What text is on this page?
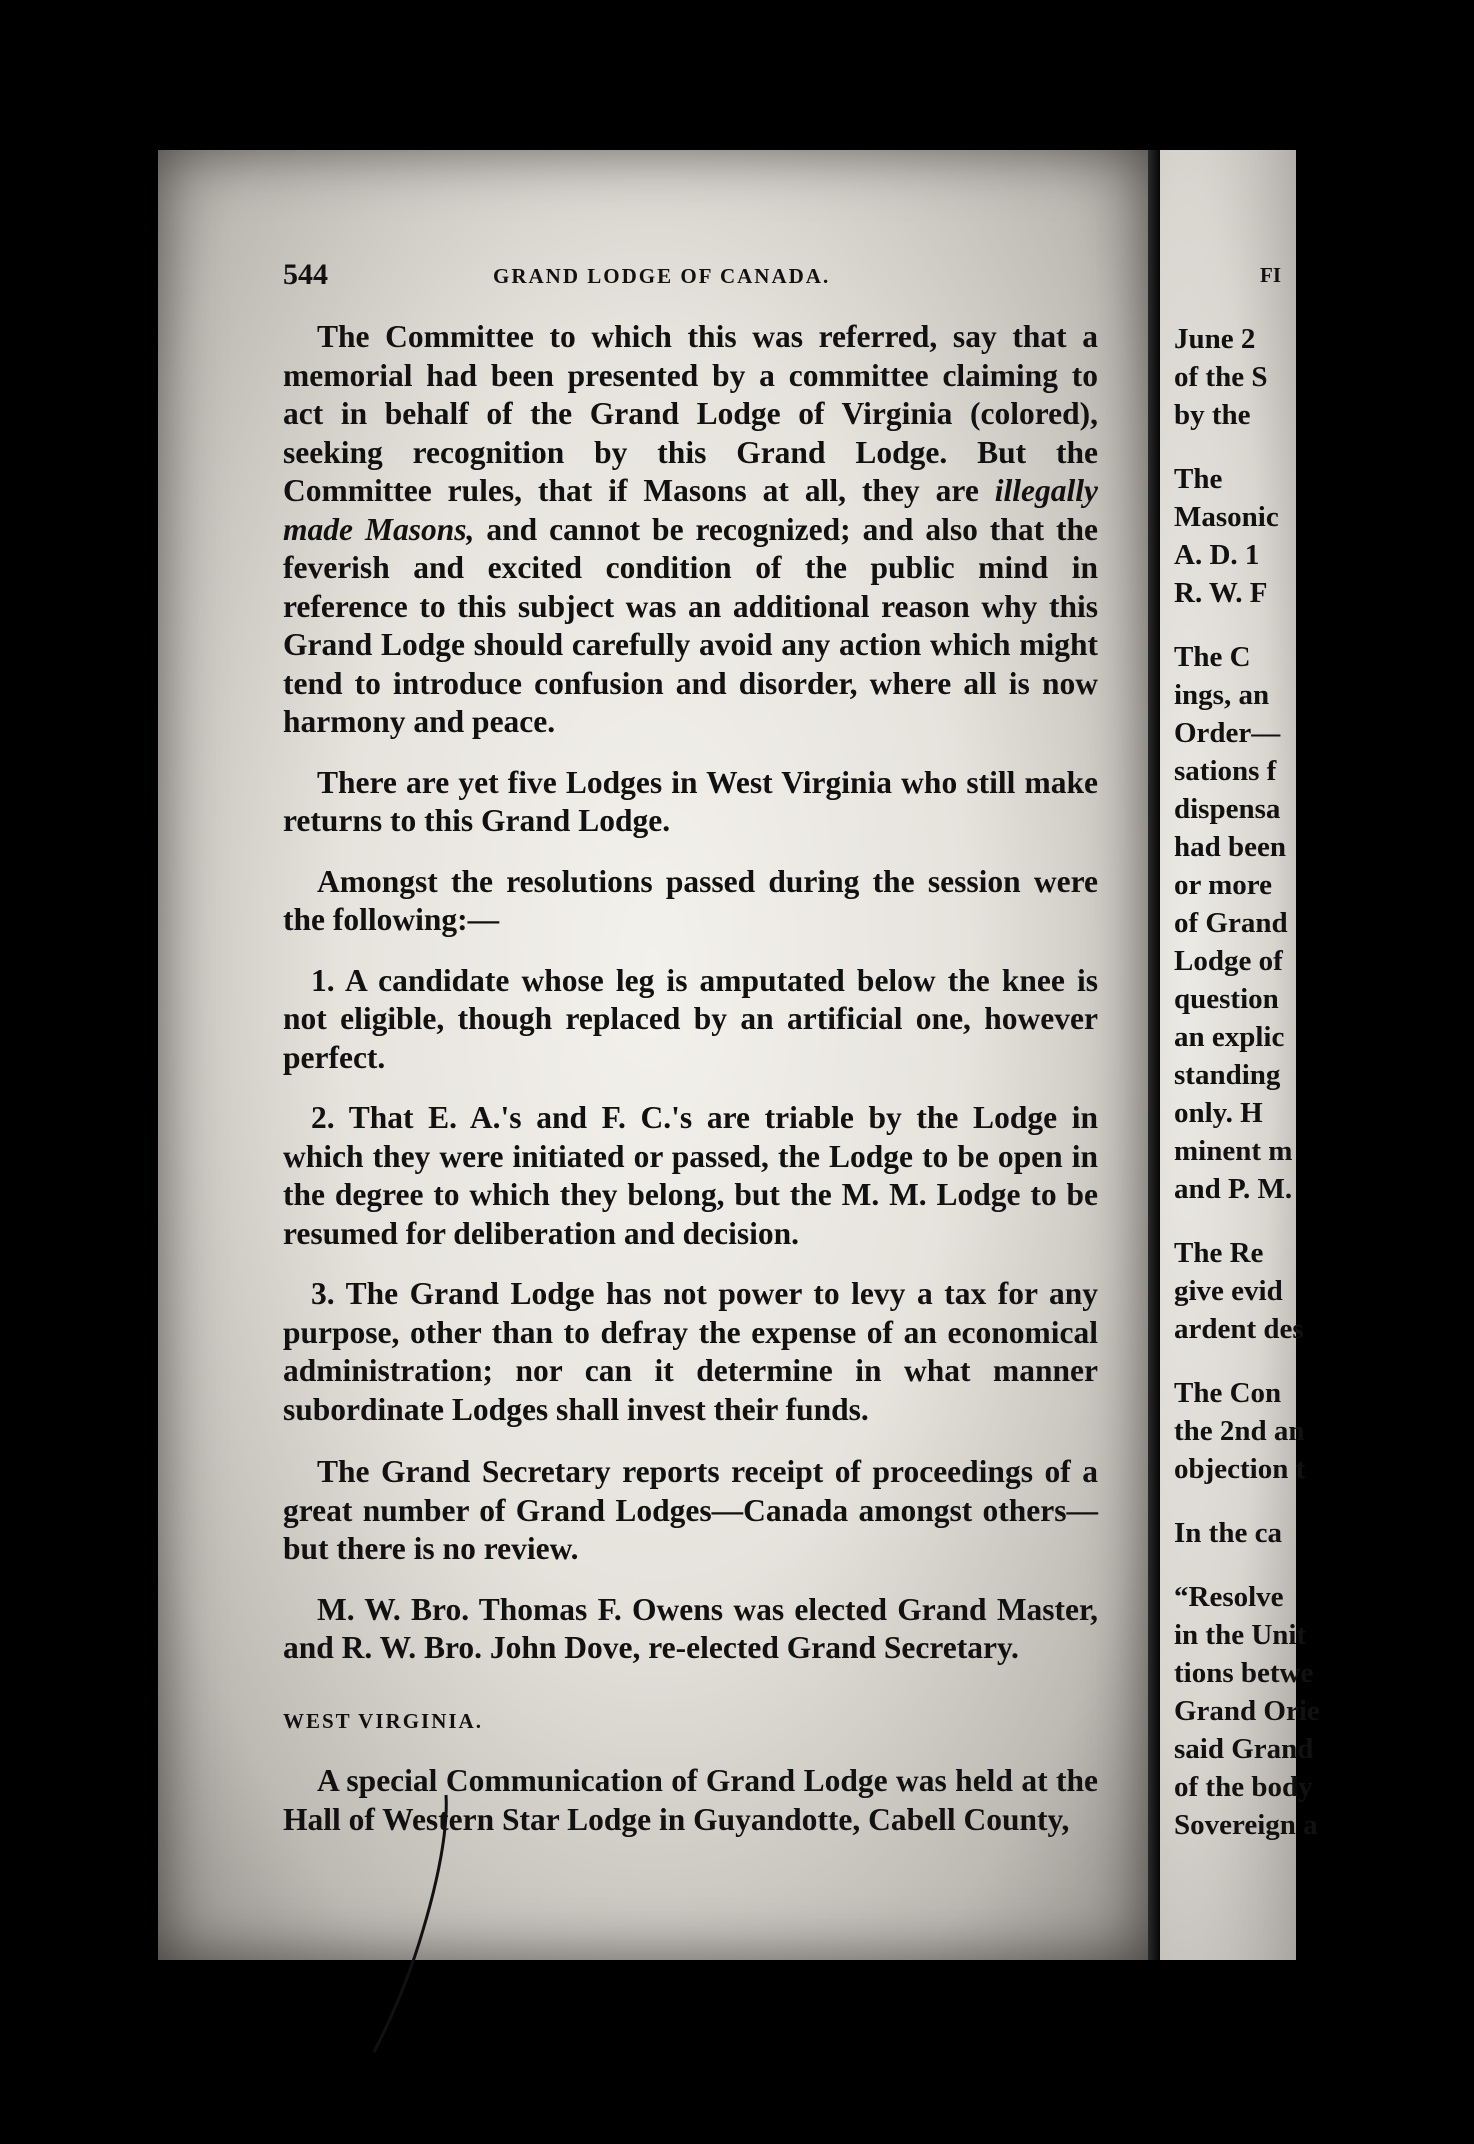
544	GRAND LODGE OF CANADA.

The Committee to which this was referred, say that a memorial had been presented by a committee claiming to act in behalf of the Grand Lodge of Virginia (colored), seeking recognition by this Grand Lodge. But the Committee rules, that if Masons at all, they are illegally made Masons, and cannot be recognized; and also that the feverish and excited condition of the public mind in reference to this subject was an additional reason why this Grand Lodge should carefully avoid any action which might tend to introduce confusion and disorder, where all is now harmony and peace.

There are yet five Lodges in West Virginia who still make returns to this Grand Lodge.

Amongst the resolutions passed during the session were the following:—

1. A candidate whose leg is amputated below the knee is not eligible, though replaced by an artificial one, however perfect.

2. That E. A.'s and F. C.'s are triable by the Lodge in which they were initiated or passed, the Lodge to be open in the degree to which they belong, but the M. M. Lodge to be resumed for deliberation and decision.

3. The Grand Lodge has not power to levy a tax for any purpose, other than to defray the expense of an economical administration; nor can it determine in what manner subordinate Lodges shall invest their funds.

The Grand Secretary reports receipt of proceedings of a great number of Grand Lodges—Canada amongst others—but there is no review.

M. W. Bro. Thomas F. Owens was elected Grand Master, and R. W. Bro. John Dove, re-elected Grand Secretary.

WEST VIRGINIA.

A special Communication of Grand Lodge was held at the Hall of Western Star Lodge in Guyandotte, Cabell County,

FI
June 2
of the S
by the
The
Masonic
A. D. 1
R. W. F
The C
ings, an
Order—
sations f
dispensa
had been
or more
of Grand
Lodge of
question
an explic
standing
only. H
minent m
and P. M.
The Re
give evid
ardent des
The Con
the 2nd an
objection t
In the ca
“Resolve
in the Unit
tions betwe
Grand Orie
said Grand
of the body
Sovereign a
